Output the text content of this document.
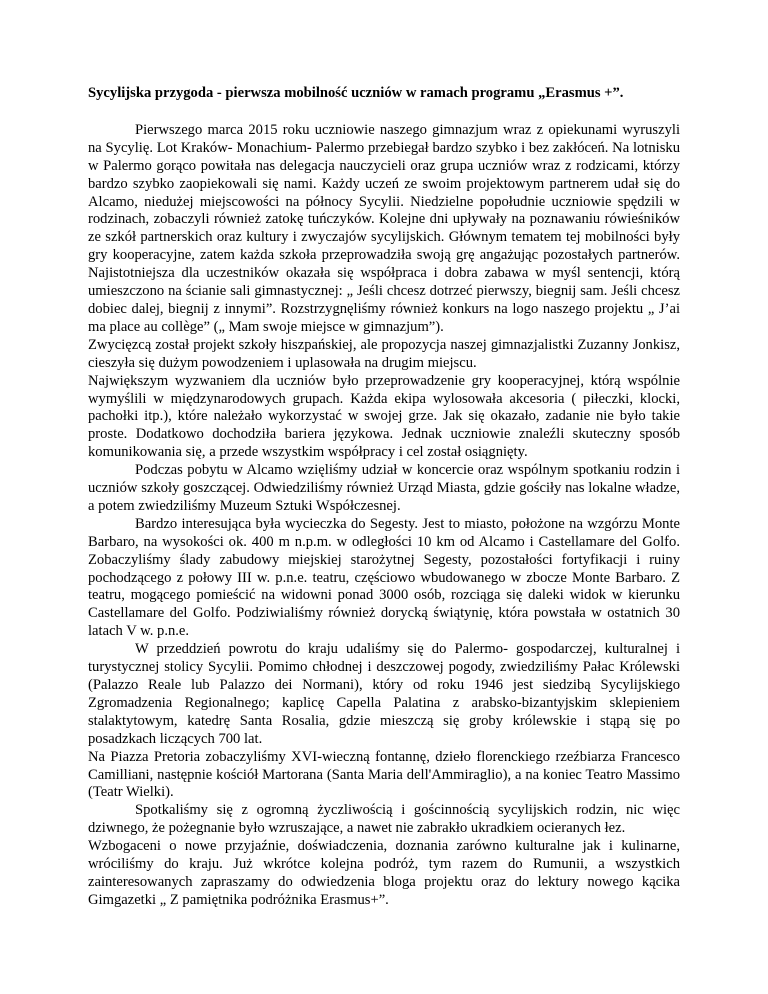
Sycylijska przygoda - pierwsza mobilność uczniów w ramach programu „Erasmus +”.
Pierwszego marca 2015 roku uczniowie naszego gimnazjum wraz z opiekunami wyruszyli na Sycylię. Lot Kraków- Monachium- Palermo przebiegał bardzo szybko i bez zakłóceń. Na lotnisku w Palermo gorąco powitała nas delegacja nauczycieli oraz grupa uczniów wraz z rodzicami, którzy bardzo szybko zaopiekowali się nami. Każdy uczeń ze swoim projektowym partnerem udał się do Alcamo, niedużej miejscowości na północy Sycylii. Niedzielne popołudnie uczniowie spędzili w rodzinach, zobaczyli również zatokę tuńczyków. Kolejne dni upływały na poznawaniu rówieśników ze szkół partnerskich oraz kultury i zwyczajów sycylijskich. Głównym tematem tej mobilności były gry kooperacyjne, zatem każda szkoła przeprowadziła swoją grę angażując pozostałych partnerów. Najistotniejsza dla uczestników okazała się współpraca i dobra zabawa w myśl sentencji, którą umieszczono na ścianie sali gimnastycznej: „ Jeśli chcesz dotrzeć pierwszy, biegnij sam. Jeśli chcesz dobiec dalej, biegnij z innymi”. Rozstrzygnęliśmy również konkurs na logo naszego projektu „ J’ai ma place au collège” („ Mam swoje miejsce w gimnazjum”).
Zwycięzcą został projekt szkoły hiszpańskiej, ale propozycja naszej gimnazjalistki Zuzanny Jonkisz, cieszyła się dużym powodzeniem i uplasowała na drugim miejscu.
Największym wyzwaniem dla uczniów było przeprowadzenie gry kooperacyjnej, którą wspólnie wymyślili w międzynarodowych grupach. Każda ekipa wylosowała akcesoria ( piłeczki, klocki, pachołki itp.), które należało wykorzystać w swojej grze. Jak się okazało, zadanie nie było takie proste. Dodatkowo dochodziła bariera językowa. Jednak uczniowie znaleźli skuteczny sposób komunikowania się, a przede wszystkim współpracy i cel został osiągnięty.
Podczas pobytu w Alcamo wzięliśmy udział w koncercie oraz wspólnym spotkaniu rodzin i uczniów szkoły goszczącej. Odwiedziliśmy również Urząd Miasta, gdzie gościły nas lokalne władze, a potem zwiedziliśmy Muzeum Sztuki Współczesnej.
Bardzo interesująca była wycieczka do Segesty. Jest to miasto, położone na wzgórzu Monte Barbaro, na wysokości ok. 400 m n.p.m. w odległości 10 km od Alcamo i Castellamare del Golfo. Zobaczyliśmy ślady zabudowy miejskiej starożytnej Segesty, pozostałości fortyfikacji i ruiny pochodzącego z połowy III w. p.n.e. teatru, częściowo wbudowanego w zbocze Monte Barbaro. Z teatru, mogącego pomieścić na widowni ponad 3000 osób, rozciąga się daleki widok w kierunku Castellamare del Golfo. Podziwialiśmy również dorycką świątynię, która powstała w ostatnich 30 latach V w. p.n.e.
W przeddzień powrotu do kraju udaliśmy się do Palermo- gospodarczej, kulturalnej i turystycznej stolicy Sycylii. Pomimo chłodnej i deszczowej pogody, zwiedziliśmy Pałac Królewski (Palazzo Reale lub Palazzo dei Normani), który od roku 1946 jest siedzibą Sycylijskiego Zgromadzenia Regionalnego; kaplicę Capella Palatina z arabsko-bizantyjskim sklepieniem stalaktytowym, katedrę Santa Rosalia, gdzie mieszczą się groby królewskie i stąpą się po posadzkach liczących 700 lat.
Na Piazza Pretoria zobaczyliśmy XVI-wieczną fontannę, dzieło florenckiego rzeźbiarza Francesco Camilliani, następnie kościół Martorana (Santa Maria dell'Ammiraglio), a na koniec Teatro Massimo (Teatr Wielki).
Spotkaliśmy się z ogromną życzliwością i gościnnością sycylijskich rodzin, nic więc dziwnego, że pożegnanie było wzruszające, a nawet nie zabrakło ukradkiem ocieranych łez.
Wzbogaceni o nowe przyjaźnie, doświadczenia, doznania zarówno kulturalne jak i kulinarne, wróciliśmy do kraju. Już wkrótce kolejna podróż, tym razem do Rumunii, a wszystkich zainteresowanych zapraszamy do odwiedzenia bloga projektu oraz do lektury nowego kącika Gimgazetki „ Z pamiętnika podróżnika Erasmus+”.
